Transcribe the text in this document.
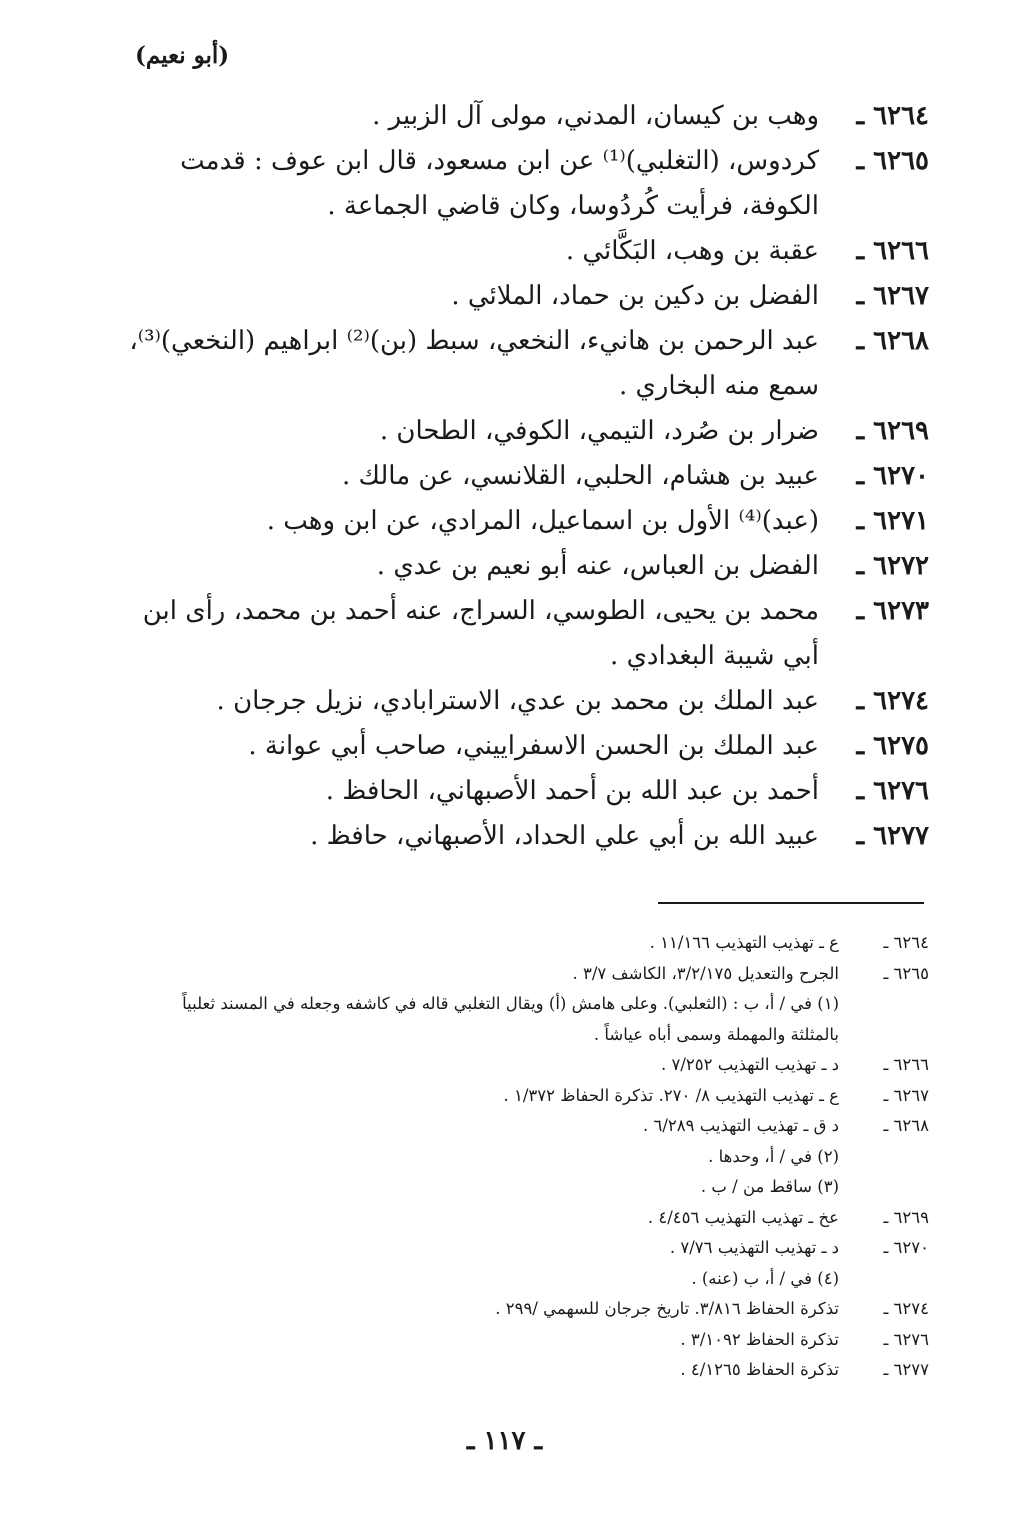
(أبو نعيم)
٦٢٦٤ ـ
وهب بن كيسان، المدني، مولى آل الزبير .
٦٢٦٥ ـ
كردوس، (التغلبي)⁽¹⁾ عن ابن مسعود، قال ابن عوف : قدمت الكوفة، فرأيت كُردُوسا، وكان قاضي الجماعة .
٦٢٦٦ ـ
عقبة بن وهب، البَكَّائي .
٦٢٦٧ ـ
الفضل بن دكين بن حماد، الملائي .
٦٢٦٨ ـ
عبد الرحمن بن هانيء، النخعي، سبط (بن)⁽²⁾ ابراهيم (النخعي)⁽³⁾، سمع منه البخاري .
٦٢٦٩ ـ
ضرار بن صُرد، التيمي، الكوفي، الطحان .
٦٢٧٠ ـ
عبيد بن هشام، الحلبي، القلانسي، عن مالك .
٦٢٧١ ـ
(عبد)⁽⁴⁾ الأول بن اسماعيل، المرادي، عن ابن وهب .
٦٢٧٢ ـ
الفضل بن العباس، عنه أبو نعيم بن عدي .
٦٢٧٣ ـ
محمد بن يحيى، الطوسي، السراج، عنه أحمد بن محمد، رأى ابن أبي شيبة البغدادي .
٦٢٧٤ ـ
عبد الملك بن محمد بن عدي، الاسترابادي، نزيل جرجان .
٦٢٧٥ ـ
عبد الملك بن الحسن الاسفراييني، صاحب أبي عوانة .
٦٢٧٦ ـ
أحمد بن عبد الله بن أحمد الأصبهاني، الحافظ .
٦٢٧٧ ـ
عبيد الله بن أبي علي الحداد، الأصبهاني، حافظ .
٦٢٦٤ ـ
ع ـ تهذيب التهذيب ١١/١٦٦ .
٦٢٦٥ ـ
الجرح والتعديل ٣/٢/١٧٥، الكاشف ٣/٧ .
(١) في / أ، ب : (الثعلبي). وعلى هامش (أ) ويقال التغلبي قاله في كاشفه وجعله في المسند ثعلبياً بالمثلثة والمهملة وسمى أباه عياشاً .
٦٢٦٦ ـ
د ـ تهذيب التهذيب ٧/٢٥٢ .
٦٢٦٧ ـ
ع ـ تهذيب التهذيب ٨/ ٢٧٠. تذكرة الحفاظ ١/٣٧٢ .
٦٢٦٨ ـ
د ق ـ تهذيب التهذيب ٦/٢٨٩ .
(٢) في / أ، وحدها .
(٣) ساقط من / ب .
٦٢٦٩ ـ
عخ ـ تهذيب التهذيب ٤/٤٥٦ .
٦٢٧٠ ـ
د ـ تهذيب التهذيب ٧/٧٦ .
(٤) في / أ، ب (عنه) .
٦٢٧٤ ـ
تذكرة الحفاظ ٣/٨١٦. تاريخ جرجان للسهمي /٢٩٩ .
٦٢٧٦ ـ
تذكرة الحفاظ ٣/١٠٩٢ .
٦٢٧٧ ـ
تذكرة الحفاظ ٤/١٢٦٥ .
ـ ١١٧ ـ
